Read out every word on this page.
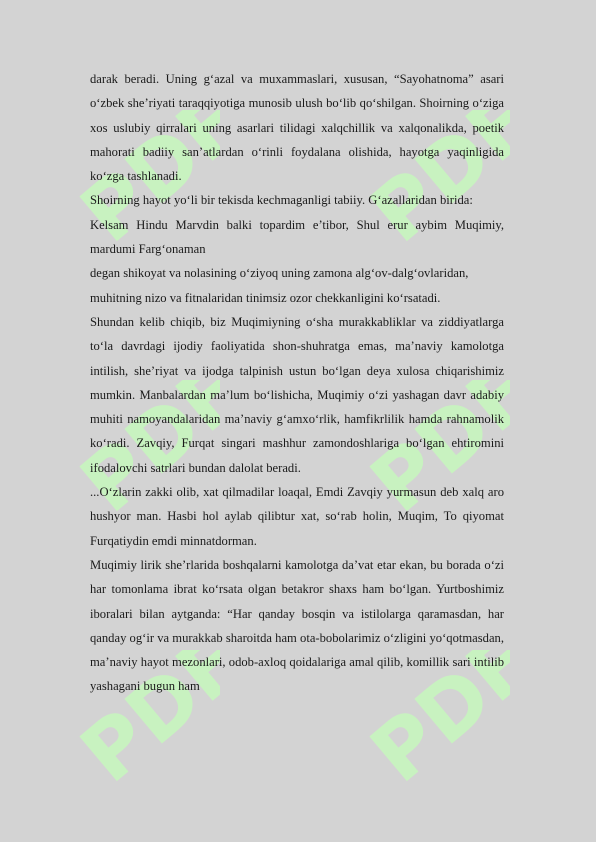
PDF PDF
PDF PDF
PDF PDF

darak beradi. Uning g‘azal va muxammaslari, xususan, “Sayohatnoma” asari o‘zbek she’riyati taraqqiyotiga munosib ulush bo‘lib qo‘shilgan. Shoirning o‘ziga xos uslubiy qirralari uning asarlari tilidagi xalqchillik va xalqonalikda, poetik mahorati badiiy san’atlardan o‘rinli foydalana olishida, hayotga yaqinligida ko‘zga tashlanadi.

Shoirning hayot yo‘li bir tekisda kechmaganligi tabiiy. G‘azallaridan birida:

Kelsam Hindu Marvdin balki topardim e’tibor, Shul erur aybim Muqimiy, mardumi Farg‘onaman

degan shikoyat va nolasining o‘ziyoq uning zamona alg‘ov-dalg‘ovlaridan,

muhitning nizo va fitnalaridan tinimsiz ozor chekkanligini ko‘rsatadi.

Shundan kelib chiqib, biz Muqimiyning o‘sha murakkabliklar va ziddiyatlarga to‘la davrdagi ijodiy faoliyatida shon-shuhratga emas, ma’naviy kamolotga intilish, she’riyat va ijodga talpinish ustun bo‘lgan deya xulosa chiqarishimiz mumkin. Manbalardan ma’lum bo‘lishicha, Muqimiy o‘zi yashagan davr adabiy muhiti namoyandalaridan ma’naviy g‘amxo‘rlik, hamfikrlilik hamda rahnamolik ko‘radi. Zavqiy, Furqat singari mashhur zamondoshlariga bo‘lgan ehtiromini ifodalovchi satrlari bundan dalolat beradi.

...O‘zlarin zakki olib, xat qilmadilar loaqal, Emdi Zavqiy yurmasun deb xalq aro hushyor man. Hasbi hol aylab qilibtur xat, so‘rab holin, Muqim, To qiyomat Furqatiydin emdi minnatdorman.

Muqimiy lirik she’rlarida boshqalarni kamolotga da’vat etar ekan, bu borada o‘zi har tomonlama ibrat ko‘rsata olgan betakror shaxs ham bo‘lgan. Yurtboshimiz iboralari bilan aytganda: “Har qanday bosqin va istilolarga qaramasdan, har qanday og‘ir va murakkab sharoitda ham ota-bobolarimiz o‘zligini yo‘qotmasdan, ma’naviy hayot mezonlari, odob-axloq qoidalariga amal qilib, komillik sari intilib yashagani bugun ham
